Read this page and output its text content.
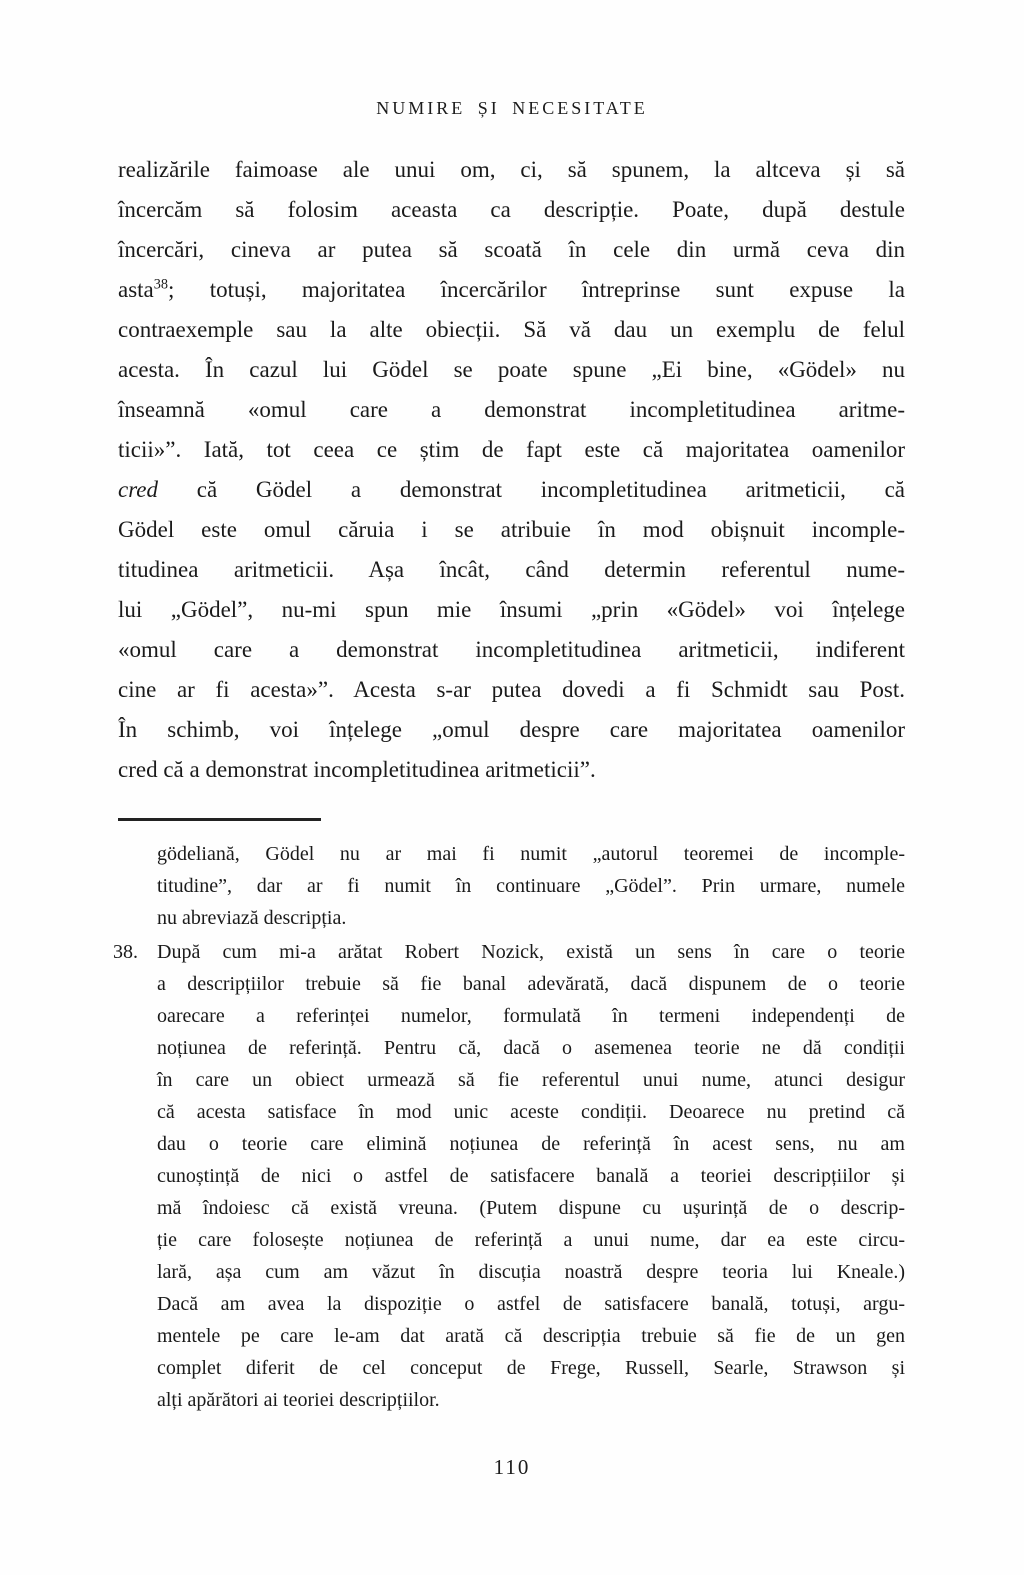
NUMIRE ȘI NECESITATE
realizările faimoase ale unui om, ci, să spunem, la altceva și să
încercăm să folosim aceasta ca descripție. Poate, după destule
încercări, cineva ar putea să scoată în cele din urmă ceva din
asta$^{38}$; totuși, majoritatea încercărilor întreprinse sunt expuse la
contraexemple sau la alte obiecții. Să vă dau un exemplu de felul
acesta. În cazul lui Gödel se poate spune „Ei bine, «Gödel» nu
înseamnă «omul care a demonstrat incompletitudinea aritme-
ticii»”. Iată, tot ceea ce știm de fapt este că majoritatea oamenilor
cred că Gödel a demonstrat incompletitudinea aritmeticii, că
Gödel este omul căruia i se atribuie în mod obișnuit incomple-
titudinea aritmeticii. Așa încât, când determin referentul nume-
lui „Gödel”, nu-mi spun mie însumi „prin «Gödel» voi înțelege
«omul care a demonstrat incompletitudinea aritmeticii, indiferent
cine ar fi acesta»”. Acesta s-ar putea dovedi a fi Schmidt sau Post.
În schimb, voi înțelege „omul despre care majoritatea oamenilor
cred că a demonstrat incompletitudinea aritmeticii”.
gödeliană, Gödel nu ar mai fi numit „autorul teoremei de incomple-
titudine”, dar ar fi numit în continuare „Gödel”. Prin urmare, numele
nu abreviază descripția.
38. După cum mi-a arătat Robert Nozick, există un sens în care o teorie
a descripțiilor trebuie să fie banal adevărată, dacă dispunem de o teorie
oarecare a referinței numelor, formulată în termeni independenți de
noțiunea de referință. Pentru că, dacă o asemenea teorie ne dă condiții
în care un obiect urmează să fie referentul unui nume, atunci desigur
că acesta satisface în mod unic aceste condiții. Deoarece nu pretind că
dau o teorie care elimină noțiunea de referință în acest sens, nu am
cunoștință de nici o astfel de satisfacere banală a teoriei descripțiilor și
mă îndoiesc că există vreuna. (Putem dispune cu ușurință de o descrip-
ție care folosește noțiunea de referință a unui nume, dar ea este circu-
lară, așa cum am văzut în discuția noastră despre teoria lui Kneale.)
Dacă am avea la dispoziție o astfel de satisfacere banală, totuși, argu-
mentele pe care le-am dat arată că descripția trebuie să fie de un gen
complet diferit de cel conceput de Frege, Russell, Searle, Strawson și
alți apărători ai teoriei descripțiilor.
110
